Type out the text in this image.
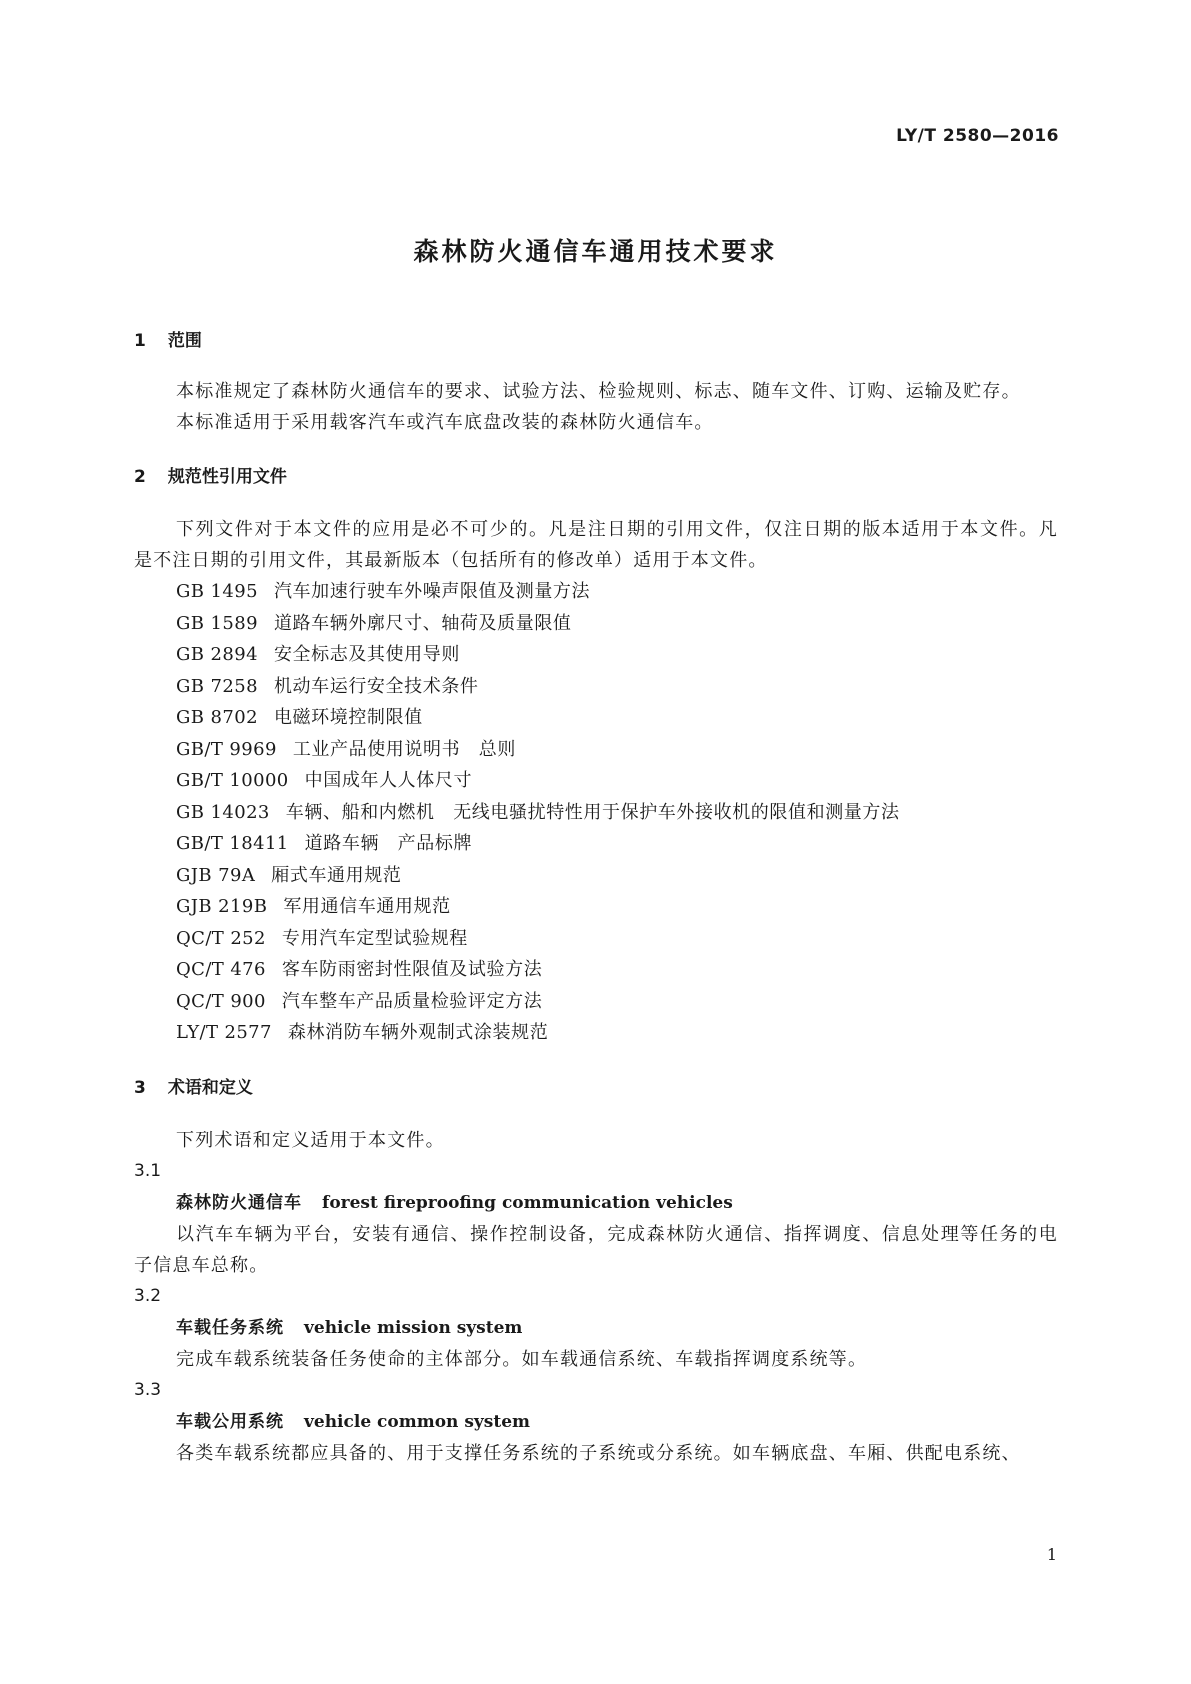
LY/T 2580—2016
森林防火通信车通用技术要求
1 范围
本标准规定了森林防火通信车的要求、试验方法、检验规则、标志、随车文件、订购、运输及贮存。
本标准适用于采用载客汽车或汽车底盘改装的森林防火通信车。
2 规范性引用文件
下列文件对于本文件的应用是必不可少的。凡是注日期的引用文件，仅注日期的版本适用于本文件。凡是不注日期的引用文件，其最新版本（包括所有的修改单）适用于本文件。
GB 1495 汽车加速行驶车外噪声限值及测量方法
GB 1589 道路车辆外廓尺寸、轴荷及质量限值
GB 2894 安全标志及其使用导则
GB 7258 机动车运行安全技术条件
GB 8702 电磁环境控制限值
GB/T 9969 工业产品使用说明书　总则
GB/T 10000 中国成年人人体尺寸
GB 14023 车辆、船和内燃机　无线电骚扰特性用于保护车外接收机的限值和测量方法
GB/T 18411 道路车辆　产品标牌
GJB 79A 厢式车通用规范
GJB 219B 军用通信车通用规范
QC/T 252 专用汽车定型试验规程
QC/T 476 客车防雨密封性限值及试验方法
QC/T 900 汽车整车产品质量检验评定方法
LY/T 2577 森林消防车辆外观制式涂装规范
3 术语和定义
下列术语和定义适用于本文件。
3.1
森林防火通信车 forest fireproofing communication vehicles
以汽车车辆为平台，安装有通信、操作控制设备，完成森林防火通信、指挥调度、信息处理等任务的电子信息车总称。
3.2
车载任务系统 vehicle mission system
完成车载系统装备任务使命的主体部分。如车载通信系统、车载指挥调度系统等。
3.3
车载公用系统 vehicle common system
各类车载系统都应具备的、用于支撑任务系统的子系统或分系统。如车辆底盘、车厢、供配电系统、
1
